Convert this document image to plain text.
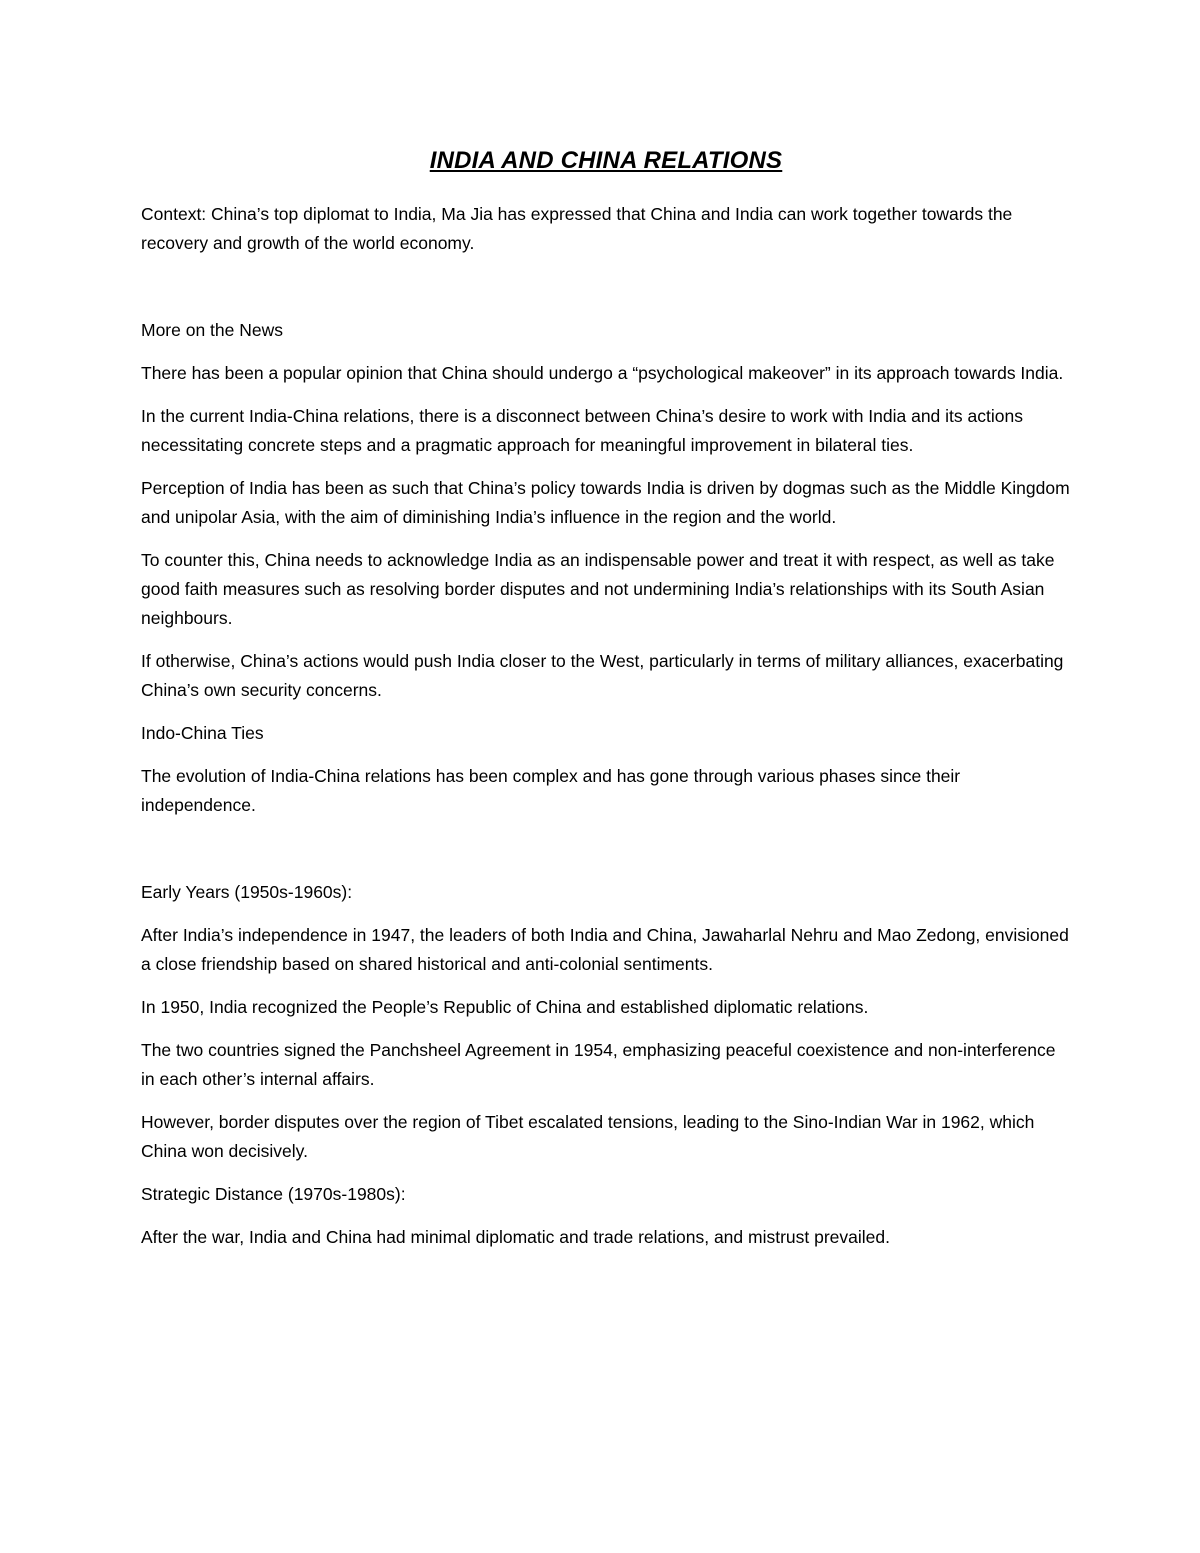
INDIA AND CHINA RELATIONS

Context: China’s top diplomat to India, Ma Jia has expressed that China and India can work together towards the recovery and growth of the world economy.

More on the News

There has been a popular opinion that China should undergo a “psychological makeover” in its approach towards India.

In the current India-China relations, there is a disconnect between China’s desire to work with India and its actions necessitating concrete steps and a pragmatic approach for meaningful improvement in bilateral ties.

Perception of India has been as such that China’s policy towards India is driven by dogmas such as the Middle Kingdom and unipolar Asia, with the aim of diminishing India’s influence in the region and the world.

To counter this, China needs to acknowledge India as an indispensable power and treat it with respect, as well as take good faith measures such as resolving border disputes and not undermining India’s relationships with its South Asian neighbours.

If otherwise, China’s actions would push India closer to the West, particularly in terms of military alliances, exacerbating China’s own security concerns.

Indo-China Ties

The evolution of India-China relations has been complex and has gone through various phases since their independence.

Early Years (1950s-1960s):

After India’s independence in 1947, the leaders of both India and China, Jawaharlal Nehru and Mao Zedong, envisioned a close friendship based on shared historical and anti-colonial sentiments.

In 1950, India recognized the People’s Republic of China and established diplomatic relations.

The two countries signed the Panchsheel Agreement in 1954, emphasizing peaceful coexistence and non-interference in each other’s internal affairs.

However, border disputes over the region of Tibet escalated tensions, leading to the Sino-Indian War in 1962, which China won decisively.

Strategic Distance (1970s-1980s):

After the war, India and China had minimal diplomatic and trade relations, and mistrust prevailed.
